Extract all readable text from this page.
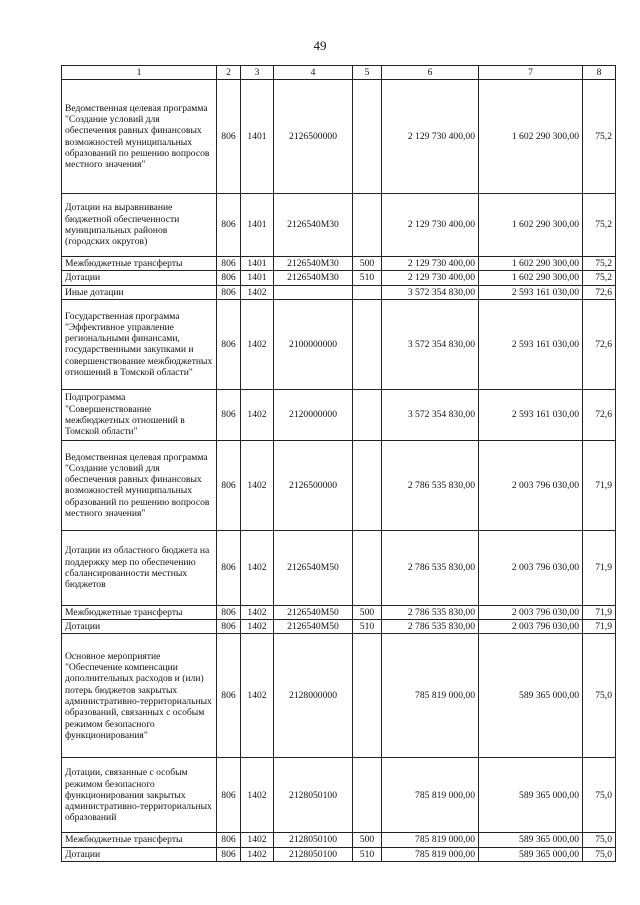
49
1	2	3	4	5	6	7	8
Ведомственная целевая программа "Создание условий для обеспечения равных финансовых возможностей муниципальных образований по решению вопросов местного значения"	806	1401	2126500000		2 129 730 400,00	1 602 290 300,00	75,2
Дотации на выравнивание бюджетной обеспеченности муниципальных районов (городских округов)	806	1401	2126540М30		2 129 730 400,00	1 602 290 300,00	75,2
Межбюджетные трансферты	806	1401	2126540М30	500	2 129 730 400,00	1 602 290 300,00	75,2
Дотации	806	1401	2126540М30	510	2 129 730 400,00	1 602 290 300,00	75,2
Иные дотации	806	1402			3 572 354 830,00	2 593 161 030,00	72,6
Государственная программа "Эффективное управление региональными финансами, государственными закупками и совершенствование межбюджетных отношений в Томской области"	806	1402	2100000000		3 572 354 830,00	2 593 161 030,00	72,6
Подпрограмма "Совершенствование межбюджетных отношений в Томской области"	806	1402	2120000000		3 572 354 830,00	2 593 161 030,00	72,6
Ведомственная целевая программа "Создание условий для обеспечения равных финансовых возможностей муниципальных образований по решению вопросов местного значения"	806	1402	2126500000		2 786 535 830,00	2 003 796 030,00	71,9
Дотации из областного бюджета на поддержку мер по обеспечению сбалансированности местных бюджетов	806	1402	2126540М50		2 786 535 830,00	2 003 796 030,00	71,9
Межбюджетные трансферты	806	1402	2126540М50	500	2 786 535 830,00	2 003 796 030,00	71,9
Дотации	806	1402	2126540М50	510	2 786 535 830,00	2 003 796 030,00	71,9
Основное мероприятие "Обеспечение компенсации дополнительных расходов и (или) потерь бюджетов закрытых административно-территориальных образований, связанных с особым режимом безопасного функционирования"	806	1402	2128000000		785 819 000,00	589 365 000,00	75,0
Дотации, связанные с особым режимом безопасного функционирования закрытых административно-территориальных образований	806	1402	2128050100		785 819 000,00	589 365 000,00	75,0
Межбюджетные трансферты	806	1402	2128050100	500	785 819 000,00	589 365 000,00	75,0
Дотации	806	1402	2128050100	510	785 819 000,00	589 365 000,00	75,0
